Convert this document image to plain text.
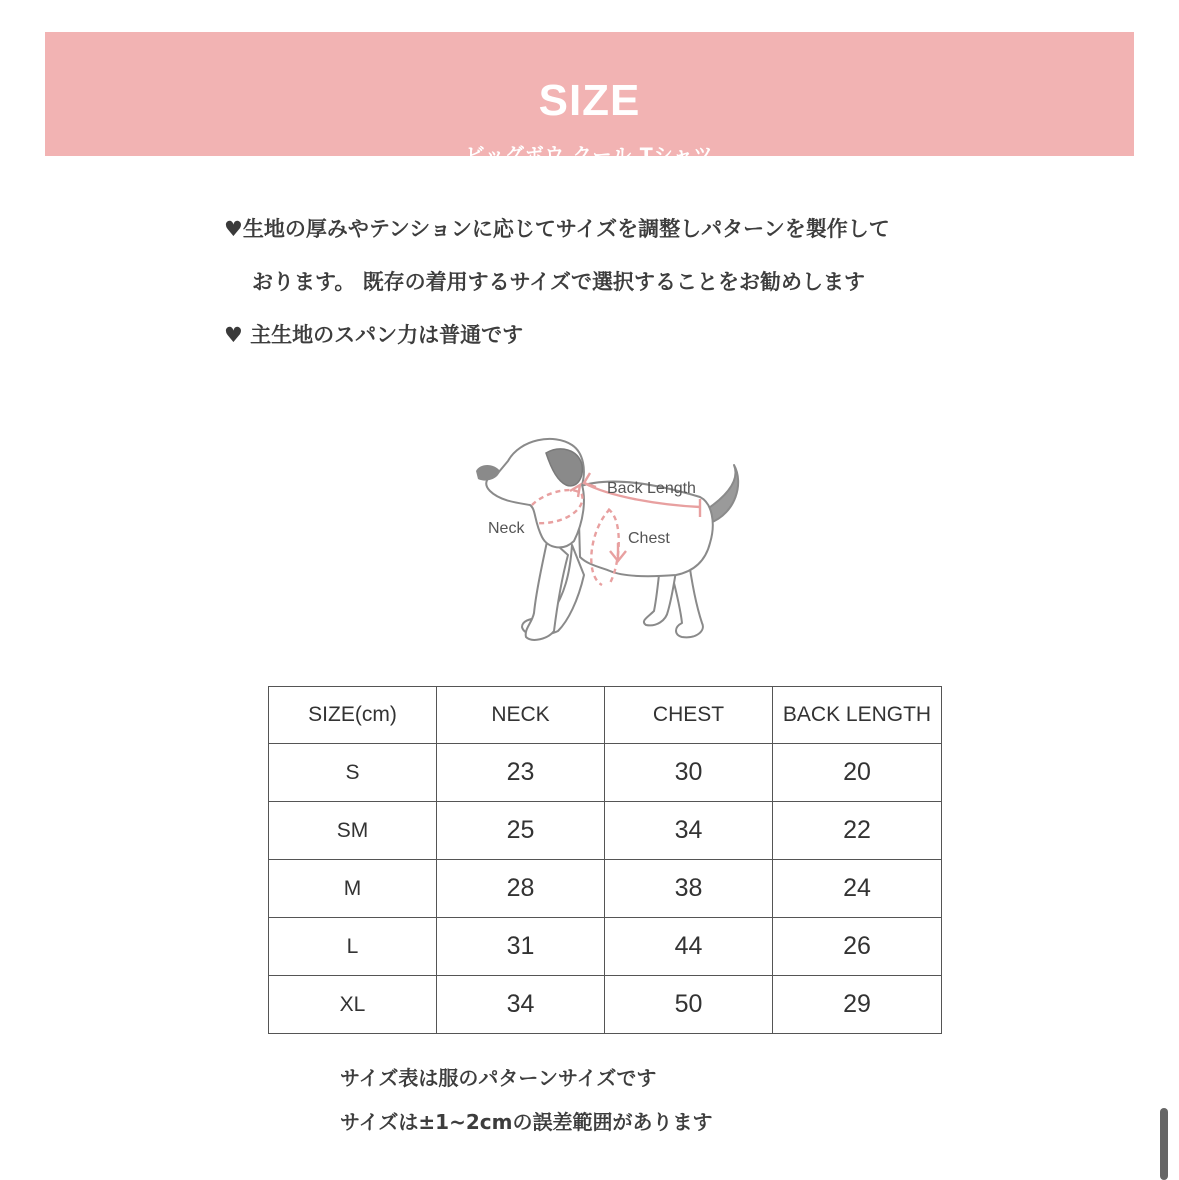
SIZE
ビッグボウ クール Tシャツ
♥生地の厚みやテンションに応じてサイズを調整しパターンを製作して
おります。 既存の着用するサイズで選択することをお勧めします
♥ 主生地のスパン力は普通です
Back Length
Neck
Chest
SIZE(cm)	NECK	CHEST	BACK LENGTH
S	23	30	20
SM	25	34	22
M	28	38	24
L	31	44	26
XL	34	50	29
サイズ表は服のパターンサイズです
サイズは±1~2cmの誤差範囲があります
